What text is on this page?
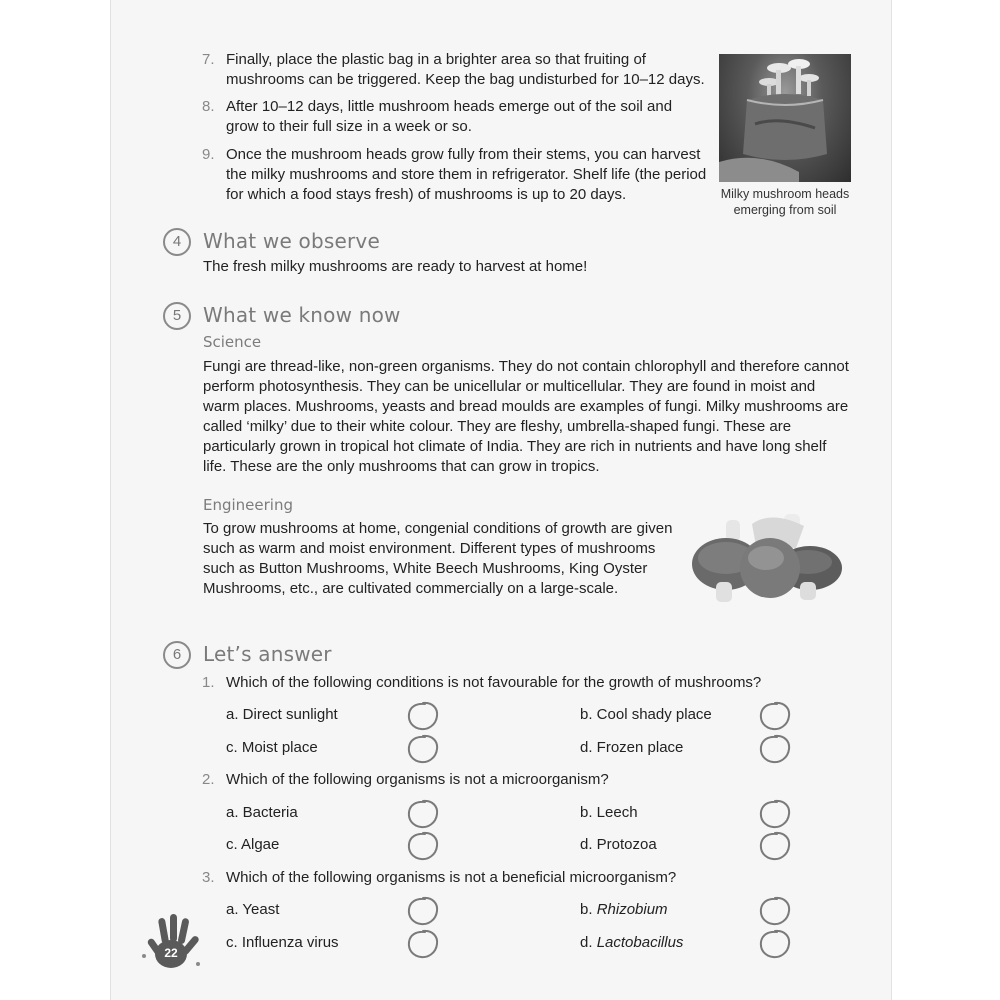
7. Finally, place the plastic bag in a brighter area so that fruiting of mushrooms can be triggered. Keep the bag undisturbed for 10–12 days.
8. After 10–12 days, little mushroom heads emerge out of the soil and grow to their full size in a week or so.
9. Once the mushroom heads grow fully from their stems, you can harvest the milky mushrooms and store them in refrigerator. Shelf life (the period for which a food stays fresh) of mushrooms is up to 20 days.	Milky mushroom heads emerging from soil
4	What we observe
The fresh milky mushrooms are ready to harvest at home!
5	What we know now
Science
Fungi are thread-like, non-green organisms. They do not contain chlorophyll and therefore cannot perform photosynthesis. They can be unicellular or multicellular. They are found in moist and warm places. Mushrooms, yeasts and bread moulds are examples of fungi. Milky mushrooms are called ‘milky’ due to their white colour. They are fleshy, umbrella-shaped fungi. These are particularly grown in tropical hot climate of India. They are rich in nutrients and have long shelf life. These are the only mushrooms that can grow in tropics.
Engineering
To grow mushrooms at home, congenial conditions of growth are given such as warm and moist environment. Different types of mushrooms such as Button Mushrooms, White Beech Mushrooms, King Oyster Mushrooms, etc., are cultivated commercially on a large-scale.
6	Let’s answer
1. Which of the following conditions is not favourable for the growth of mushrooms?
a. Direct sunlight	b. Cool shady place
c. Moist place	d. Frozen place
2. Which of the following organisms is not a microorganism?
a. Bacteria	b. Leech
c. Algae	d. Protozoa
3. Which of the following organisms is not a beneficial microorganism?
a. Yeast	b. Rhizobium
c. Influenza virus	d. Lactobacillus
22
